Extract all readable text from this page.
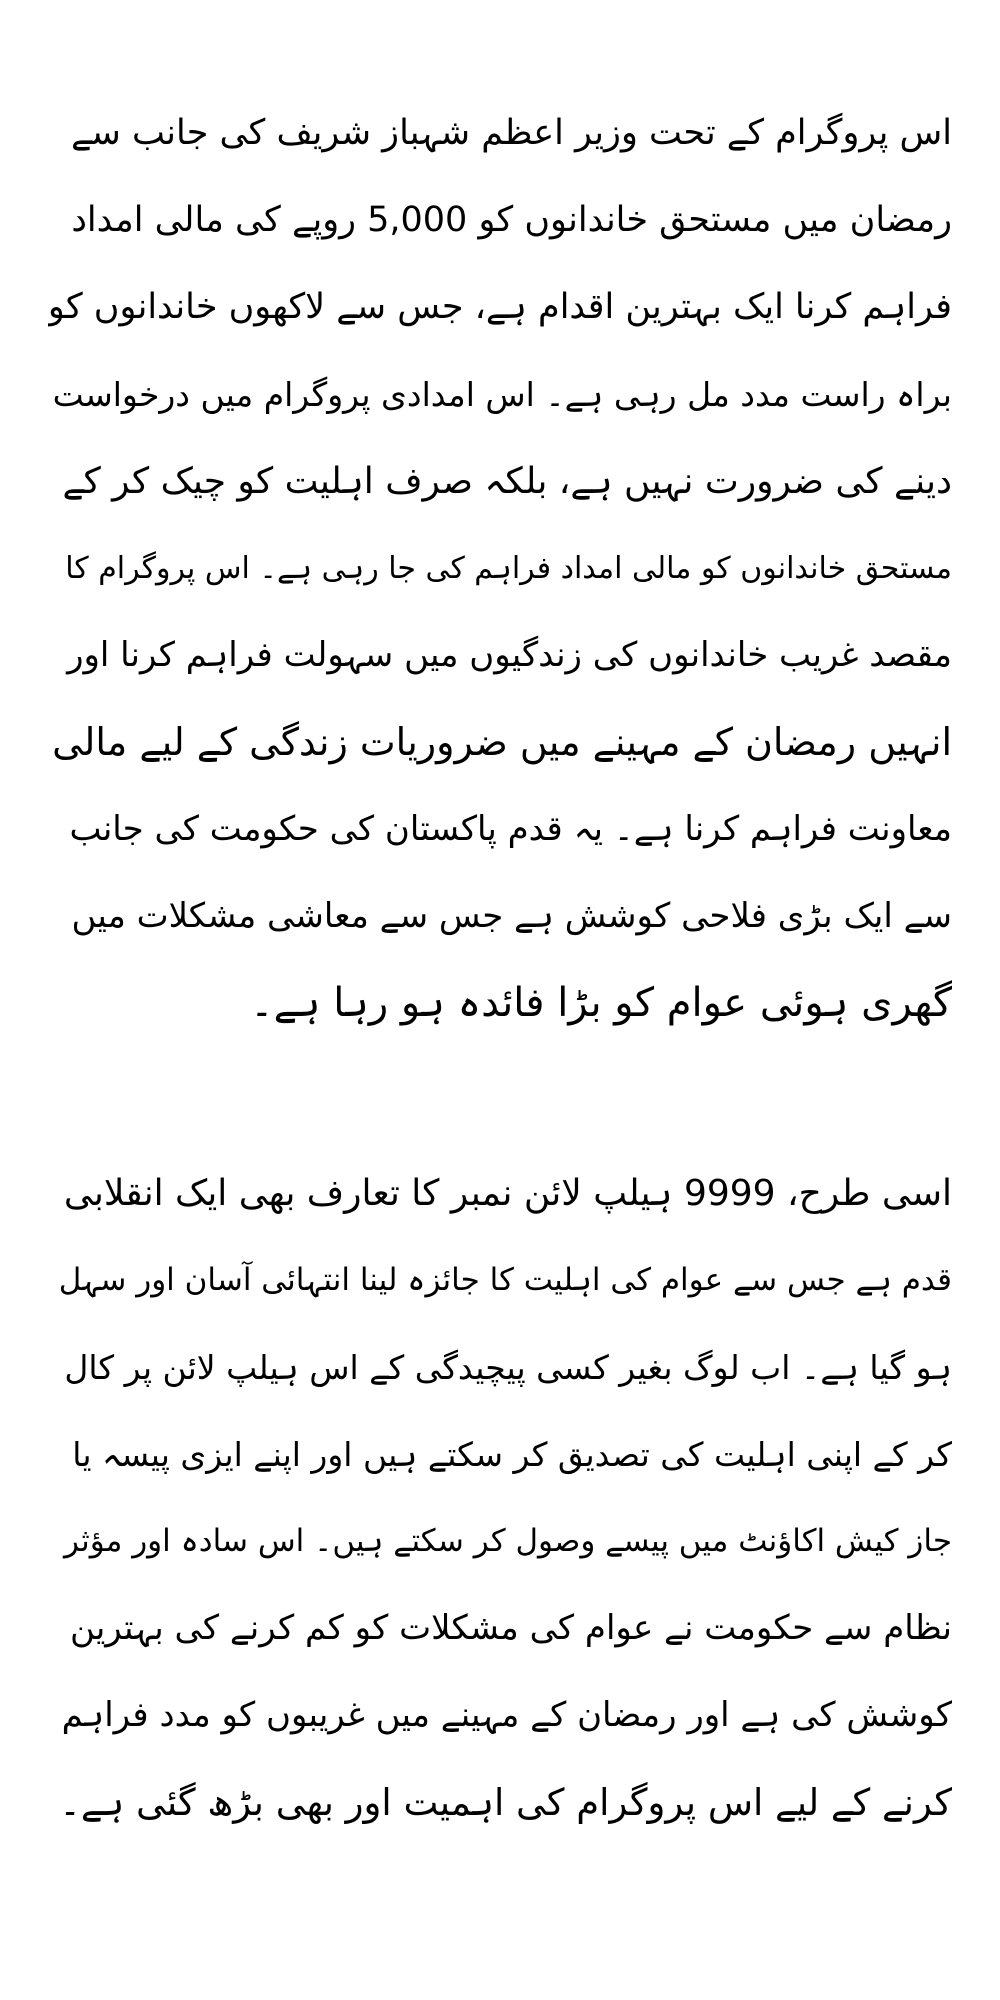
اس پروگرام کے تحت وزیر اعظم شہباز شریف کی جانب سے
رمضان میں مستحق خاندانوں کو 5,000 روپے کی مالی امداد
فراہم کرنا ایک بہترین اقدام ہے، جس سے لاکھوں خاندانوں کو
براہ راست مدد مل رہی ہے۔ اس امدادی پروگرام میں درخواست
دینے کی ضرورت نہیں ہے، بلکہ صرف اہلیت کو چیک کر کے
مستحق خاندانوں کو مالی امداد فراہم کی جا رہی ہے۔ اس پروگرام کا
مقصد غریب خاندانوں کی زندگیوں میں سہولت فراہم کرنا اور
انہیں رمضان کے مہینے میں ضروریات زندگی کے لیے مالی
معاونت فراہم کرنا ہے۔ یہ قدم پاکستان کی حکومت کی جانب
سے ایک بڑی فلاحی کوشش ہے جس سے معاشی مشکلات میں
گھری ہوئی عوام کو بڑا فائدہ ہو رہا ہے۔
اسی طرح، 9999 ہیلپ لائن نمبر کا تعارف بھی ایک انقلابی
قدم ہے جس سے عوام کی اہلیت کا جائزہ لینا انتہائی آسان اور سہل
ہو گیا ہے۔ اب لوگ بغیر کسی پیچیدگی کے اس ہیلپ لائن پر کال
کر کے اپنی اہلیت کی تصدیق کر سکتے ہیں اور اپنے ایزی پیسہ یا
جاز کیش اکاؤنٹ میں پیسے وصول کر سکتے ہیں۔ اس سادہ اور مؤثر
نظام سے حکومت نے عوام کی مشکلات کو کم کرنے کی بہترین
کوشش کی ہے اور رمضان کے مہینے میں غریبوں کو مدد فراہم
کرنے کے لیے اس پروگرام کی اہمیت اور بھی بڑھ گئی ہے۔
